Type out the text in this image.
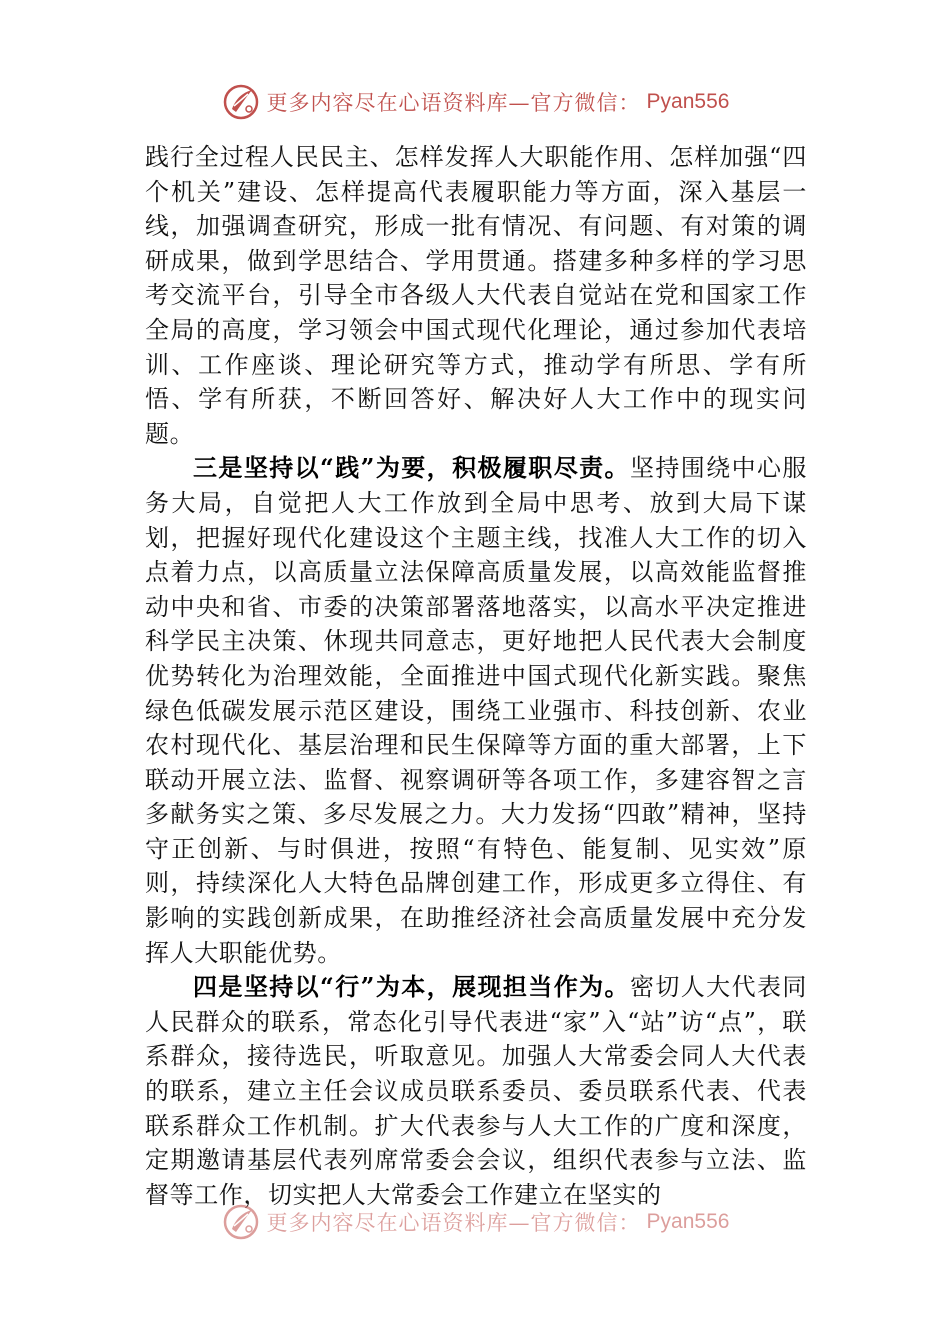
更多内容尽在心语资料库—官方微信： Pyan556

践行全过程人民民主、怎样发挥人大职能作用、怎样加强“四个机关”建设、怎样提高代表履职能力等方面，深入基层一线，加强调查研究，形成一批有情况、有问题、有对策的调研成果，做到学思结合、学用贯通。搭建多种多样的学习思考交流平台，引导全市各级人大代表自觉站在党和国家工作全局的高度，学习领会中国式现代化理论，通过参加代表培训、工作座谈、理论研究等方式，推动学有所思、学有所悟、学有所获，不断回答好、解决好人大工作中的现实问题。

三是坚持以“践”为要，积极履职尽责。坚持围绕中心服务大局，自觉把人大工作放到全局中思考、放到大局下谋划，把握好现代化建设这个主题主线，找准人大工作的切入点着力点，以高质量立法保障高质量发展，以高效能监督推动中央和省、市委的决策部署落地落实，以高水平决定推进科学民主决策、休现共同意志，更好地把人民代表大会制度优势转化为治理效能，全面推进中国式现代化新实践。聚焦绿色低碳发展示范区建设，围绕工业强市、科技创新、农业农村现代化、基层治理和民生保障等方面的重大部署，上下联动开展立法、监督、视察调研等各项工作，多建容智之言多献务实之策、多尽发展之力。大力发扬“四敢”精神，坚持守正创新、与时俱进，按照“有特色、能复制、见实效”原则，持续深化人大特色品牌创建工作，形成更多立得住、有影响的实践创新成果，在助推经济社会高质量发展中充分发挥人大职能优势。

四是坚持以“行”为本，展现担当作为。密切人大代表同人民群众的联系，常态化引导代表进“家”入“站”访“点”，联系群众，接待选民，听取意见。加强人大常委会同人大代表的联系，建立主任会议成员联系委员、委员联系代表、代表联系群众工作机制。扩大代表参与人大工作的广度和深度，定期邀请基层代表列席常委会会议，组织代表参与立法、监督等工作，切实把人大常委会工作建立在坚实的

更多内容尽在心语资料库—官方微信： Pyan556
